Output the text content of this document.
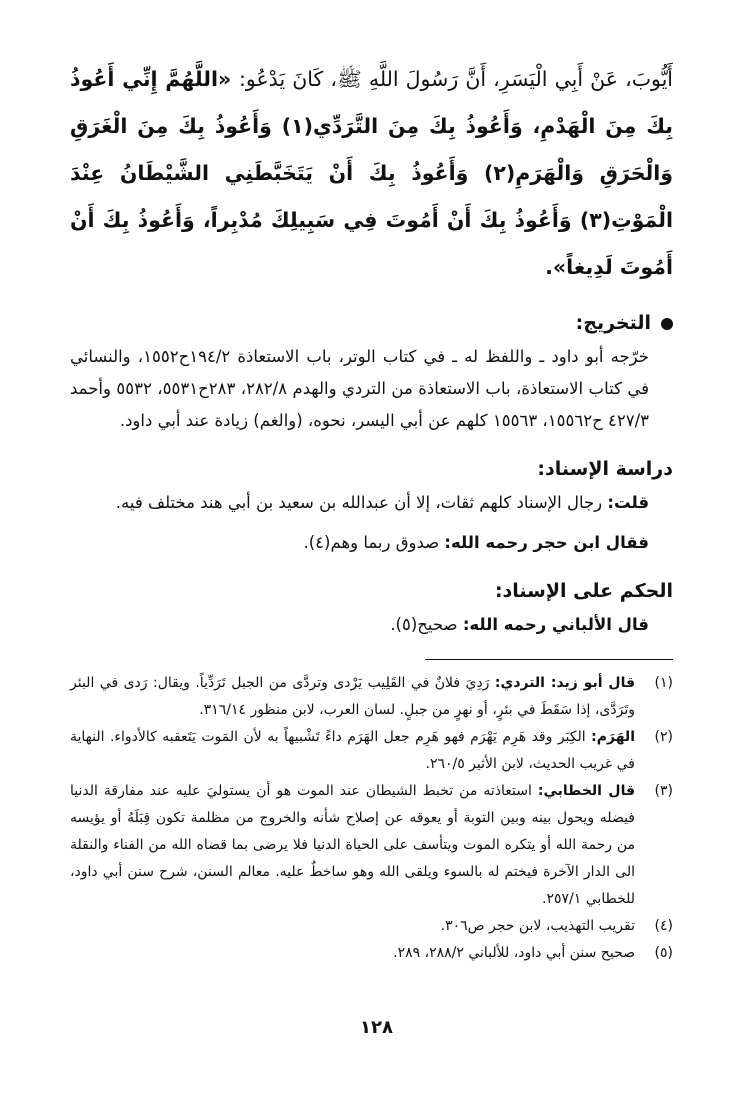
أَيُّوبَ، عَنْ أَبِي الْيَسَرِ، أَنَّ رَسُولَ اللَّهِ ﷺ، كَانَ يَدْعُو: «اللَّهُمَّ إِنِّي أَعُوذُ بِكَ مِنَ الْهَدْمِ، وَأَعُوذُ بِكَ مِنَ التَّرَدِّي(١) وَأَعُوذُ بِكَ مِنَ الْغَرَقِ وَالْحَرَقِ وَالْهَرَمِ(٢) وَأَعُوذُ بِكَ أَنْ يَتَخَبَّطَنِي الشَّيْطَانُ عِنْدَ الْمَوْتِ(٣) وَأَعُوذُ بِكَ أَنْ أَمُوتَ فِي سَبِيلِكَ مُدْبِراً، وَأَعُوذُ بِكَ أَنْ أَمُوتَ لَدِيغاً».

التخريج:

خرّجه أبو داود ـ واللفظ له ـ في كتاب الوتر، باب الاستعاذة ١٩٤/٢ح١٥٥٢، والنسائي في كتاب الاستعاذة، باب الاستعاذة من التردي والهدم ٢٨٢/٨، ٢٨٣ح٥٥٣١، ٥٥٣٢ وأحمد ٤٢٧/٣ ح١٥٥٦٢، ١٥٥٦٣ كلهم عن أبي اليسر، نحوه، (والغم) زيادة عند أبي داود.

دراسة الإسناد:

قلت: رجال الإسناد كلهم ثقات، إلا أن عبدالله بن سعيد بن أبي هند مختلف فيه.

فقال ابن حجر رحمه الله: صدوق ربما وهم(٤).

الحكم على الإسناد:

قال الألباني رحمه الله: صحيح(٥).

(١)
قال أبو زيد: التردي: رَدِيَ فلانٌ في القَلِيب يَرْدى وتردَّى من الجبل تَرَدِّياً. ويقال: رَدى في البئر وتَرَدَّى، إذا سَقَطَ في بئرٍ، أو نهرٍ من جبلٍ. لسان العرب، لابن منظور ٣١٦/١٤.
(٢)
الهَرَم: الكِبَر وقد هَرِم يَهْرَم فهو هَرِم جعل الهَرَم داءً تَشْبيهاً به لأن المَوت يَتَعقبه كالأدواء. النهاية في غريب الحديث، لابن الأثير ٢٦٠/٥.
(٣)
قال الخطابي: استعاذته من تخبط الشيطان عند الموت هو أن يستوليَ عليه عند مفارقة الدنيا فيضله ويحول بينه وبين التوبة أو يعوقه عن إصلاح شأنه والخروج من مظلمة تكون قِبَلَهُ أو يؤيسه من رحمة الله أو يتكره الموت ويتأسف على الحياة الدنيا فلا يرضى بما قضاه الله من الفناء والنقلة الى الدار الآخرة فيختم له بالسوء ويلقى الله وهو ساخطٌ عليه. معالم السنن، شرح سنن أبي داود، للخطابي ٢٥٧/١.
(٤)
تقريب التهذيب، لابن حجر ص٣٠٦.
(٥)
صحيح سنن أبي داود، للألباني ٢٨٨/٢، ٢٨٩.
١٢٨
